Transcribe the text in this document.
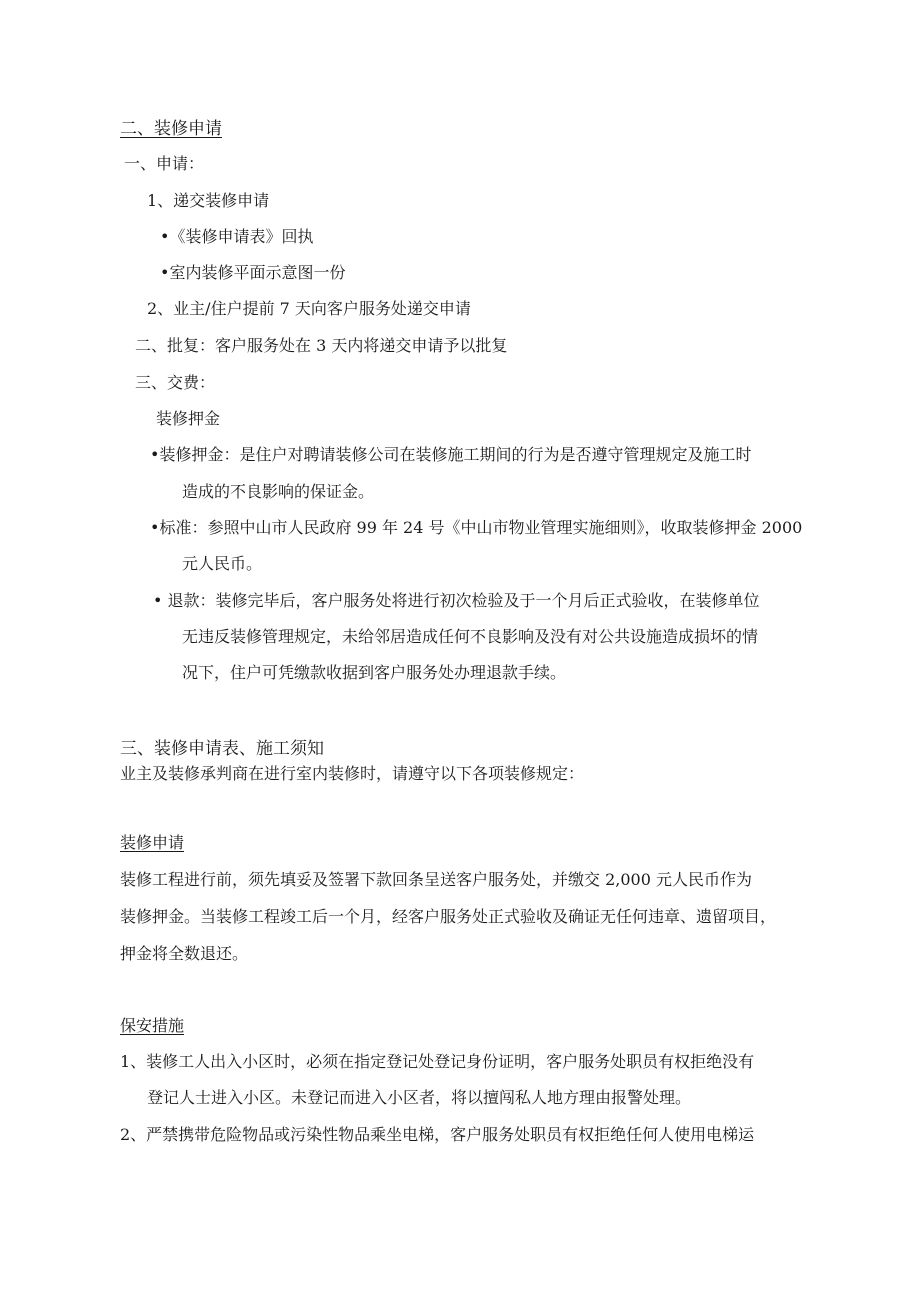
二、装修申请
一、申请：
1、递交装修申请
•《装修申请表》回执
•室内装修平面示意图一份
2、业主/住户提前 7 天向客户服务处递交申请
二、批复：客户服务处在 3 天内将递交申请予以批复
三、交费：
装修押金
•装修押金：是住户对聘请装修公司在装修施工期间的行为是否遵守管理规定及施工时
造成的不良影响的保证金。
•标准：参照中山市人民政府 99 年 24 号《中山市物业管理实施细则》，收取装修押金 2000
元人民币。
• 退款：装修完毕后，客户服务处将进行初次检验及于一个月后正式验收，在装修单位
无违反装修管理规定，未给邻居造成任何不良影响及没有对公共设施造成损坏的情
况下，住户可凭缴款收据到客户服务处办理退款手续。
三、装修申请表、施工须知
业主及装修承判商在进行室内装修时，请遵守以下各项装修规定：
装修申请
装修工程进行前，须先填妥及签署下款回条呈送客户服务处，并缴交 2,000 元人民币作为
装修押金。当装修工程竣工后一个月，经客户服务处正式验收及确证无任何违章、遗留项目，
押金将全数退还。
保安措施
1、装修工人出入小区时，必须在指定登记处登记身份证明，客户服务处职员有权拒绝没有
登记人士进入小区。未登记而进入小区者，将以擅闯私人地方理由报警处理。
2、严禁携带危险物品或污染性物品乘坐电梯，客户服务处职员有权拒绝任何人使用电梯运
